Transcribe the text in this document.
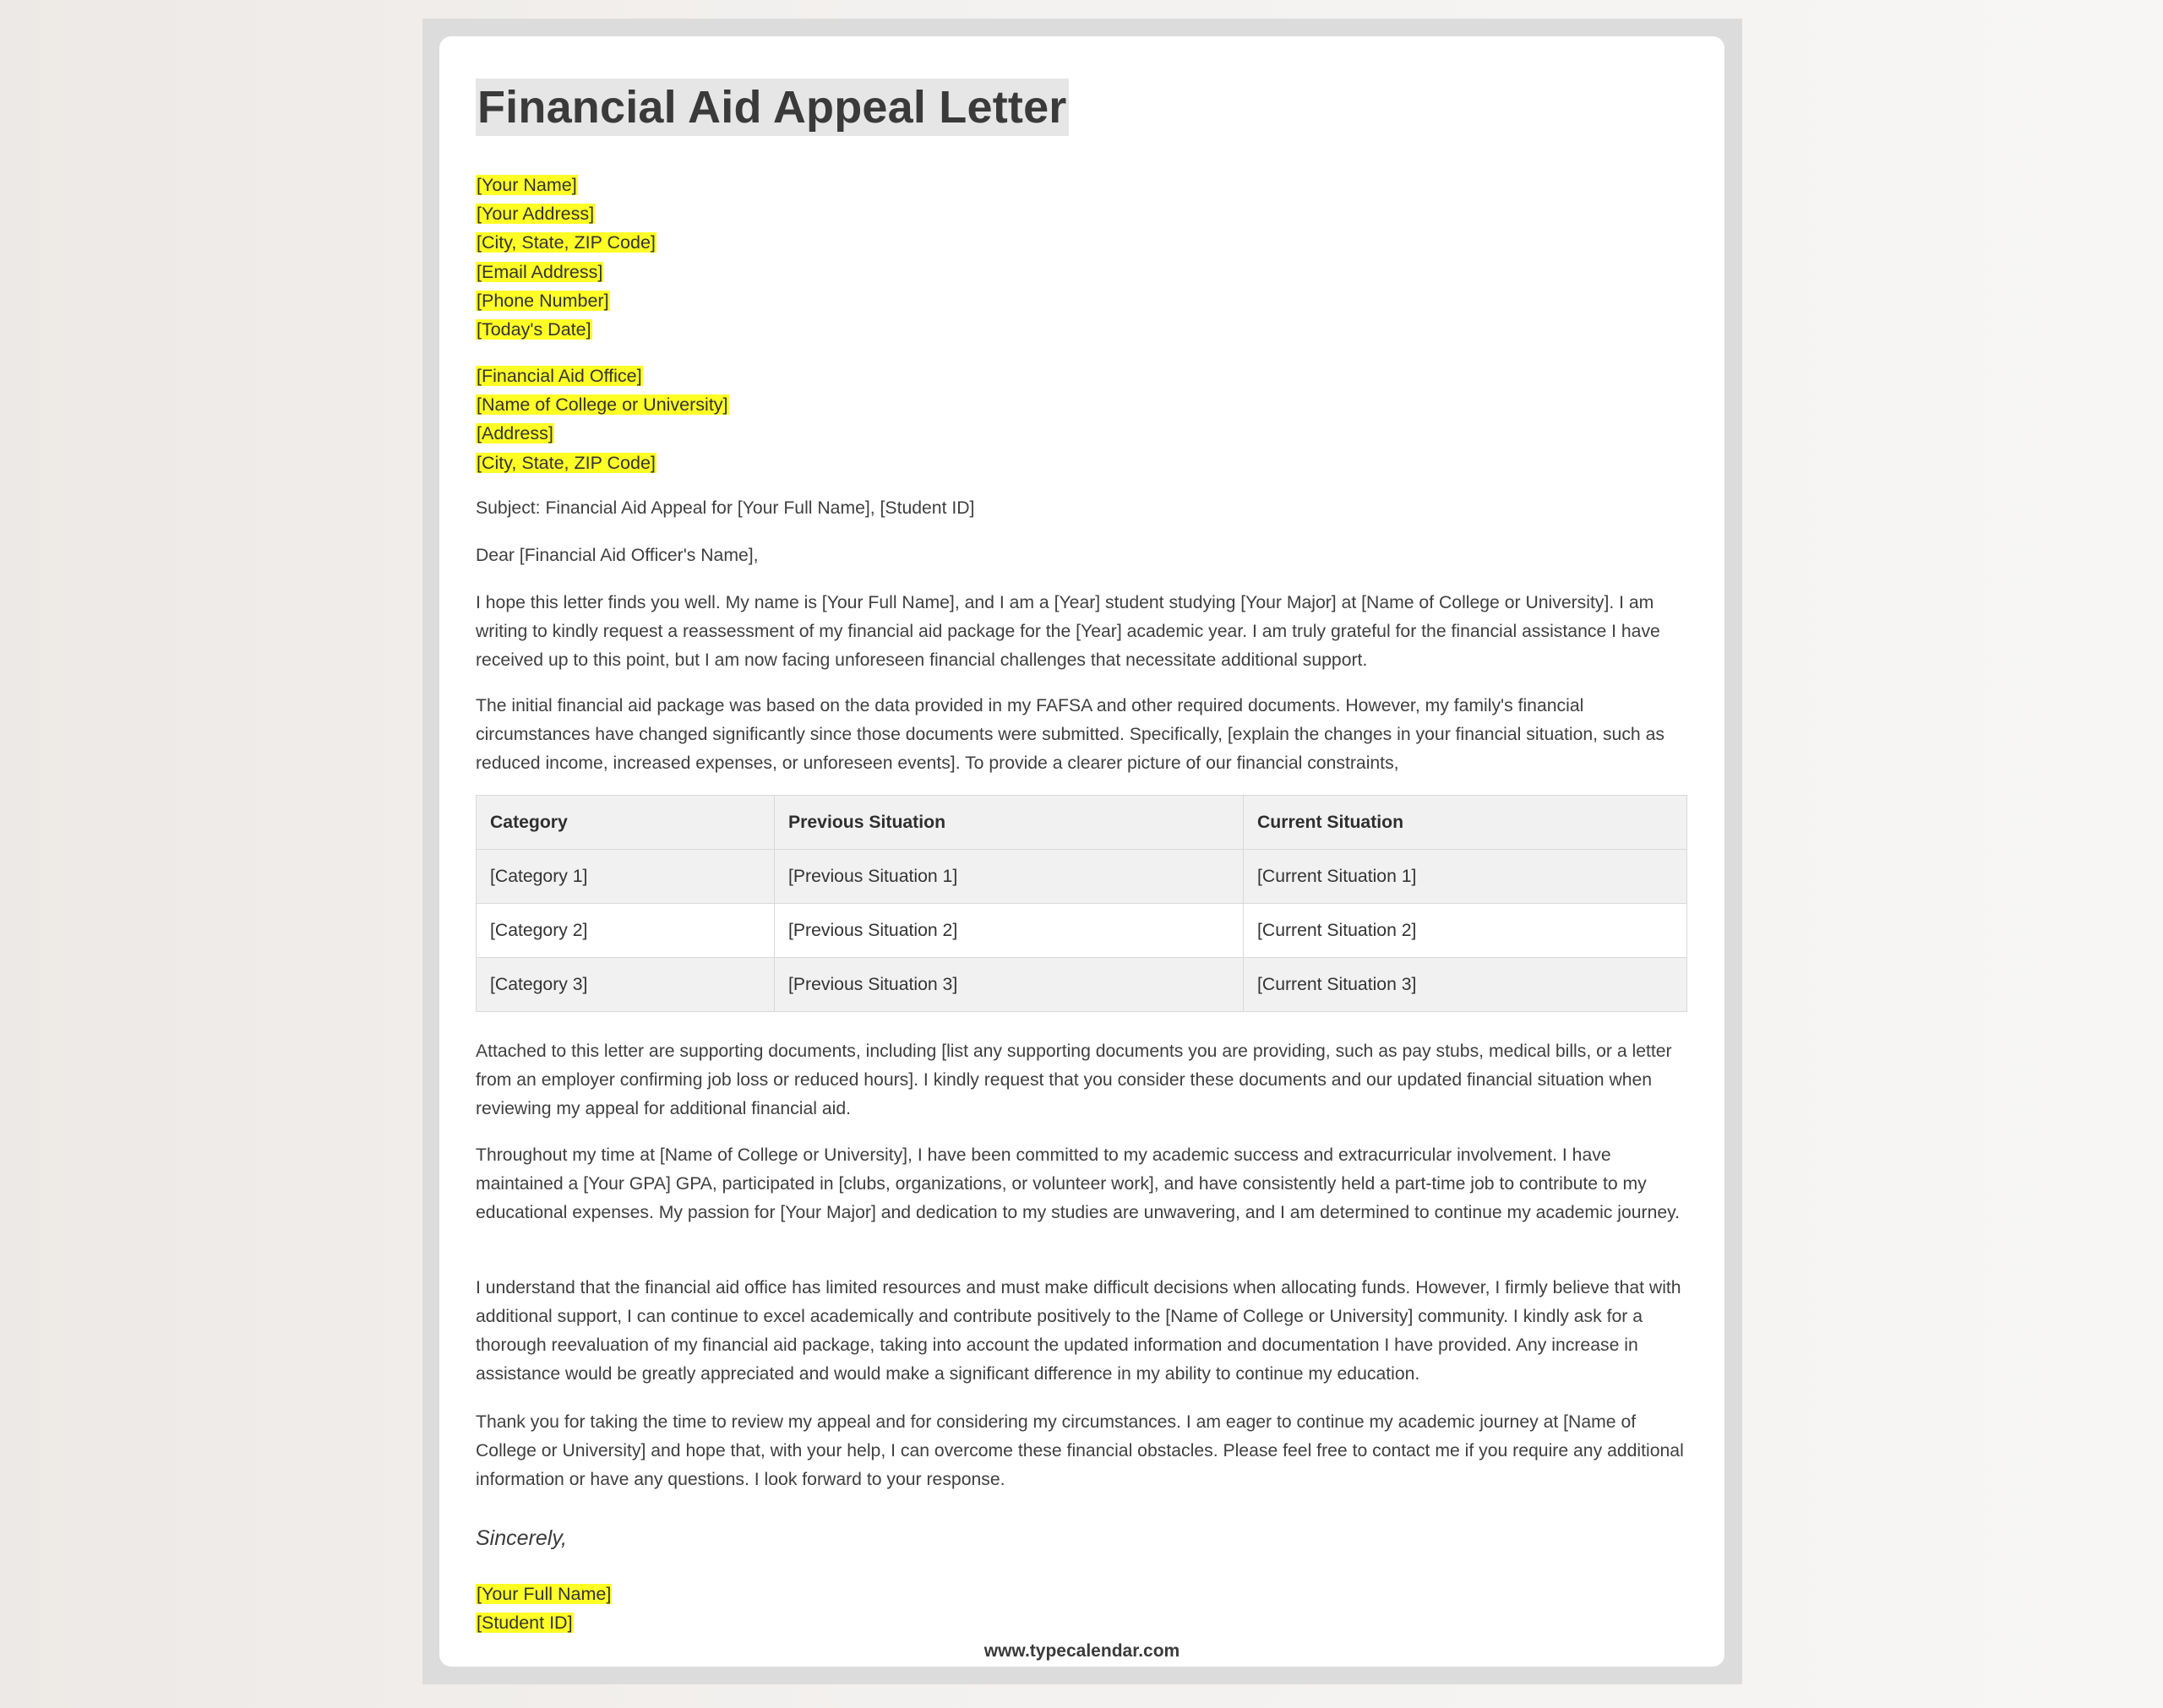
Financial Aid Appeal Letter
[Your Name]
[Your Address]
[City, State, ZIP Code]
[Email Address]
[Phone Number]
[Today's Date]
[Financial Aid Office]
[Name of College or University]
[Address]
[City, State, ZIP Code]

Subject: Financial Aid Appeal for [Your Full Name], [Student ID]

Dear [Financial Aid Officer's Name],

I hope this letter finds you well. My name is [Your Full Name], and I am a [Year] student studying [Your Major] at [Name of College or University]. I am writing to kindly request a reassessment of my financial aid package for the [Year] academic year. I am truly grateful for the financial assistance I have received up to this point, but I am now facing unforeseen financial challenges that necessitate additional support.

The initial financial aid package was based on the data provided in my FAFSA and other required documents. However, my family's financial circumstances have changed significantly since those documents were submitted. Specifically, [explain the changes in your financial situation, such as reduced income, increased expenses, or unforeseen events]. To provide a clearer picture of our financial constraints,

Category	Previous Situation	Current Situation
[Category 1]	[Previous Situation 1]	[Current Situation 1]
[Category 2]	[Previous Situation 2]	[Current Situation 2]
[Category 3]	[Previous Situation 3]	[Current Situation 3]

Attached to this letter are supporting documents, including [list any supporting documents you are providing, such as pay stubs, medical bills, or a letter from an employer confirming job loss or reduced hours]. I kindly request that you consider these documents and our updated financial situation when reviewing my appeal for additional financial aid.

Throughout my time at [Name of College or University], I have been committed to my academic success and extracurricular involvement. I have maintained a [Your GPA] GPA, participated in [clubs, organizations, or volunteer work], and have consistently held a part-time job to contribute to my educational expenses. My passion for [Your Major] and dedication to my studies are unwavering, and I am determined to continue my academic journey.

I understand that the financial aid office has limited resources and must make difficult decisions when allocating funds. However, I firmly believe that with additional support, I can continue to excel academically and contribute positively to the [Name of College or University] community. I kindly ask for a thorough reevaluation of my financial aid package, taking into account the updated information and documentation I have provided. Any increase in assistance would be greatly appreciated and would make a significant difference in my ability to continue my education.

Thank you for taking the time to review my appeal and for considering my circumstances. I am eager to continue my academic journey at [Name of College or University] and hope that, with your help, I can overcome these financial obstacles. Please feel free to contact me if you require any additional information or have any questions. I look forward to your response.

Sincerely,
[Your Full Name]
[Student ID]
www.typecalendar.com
